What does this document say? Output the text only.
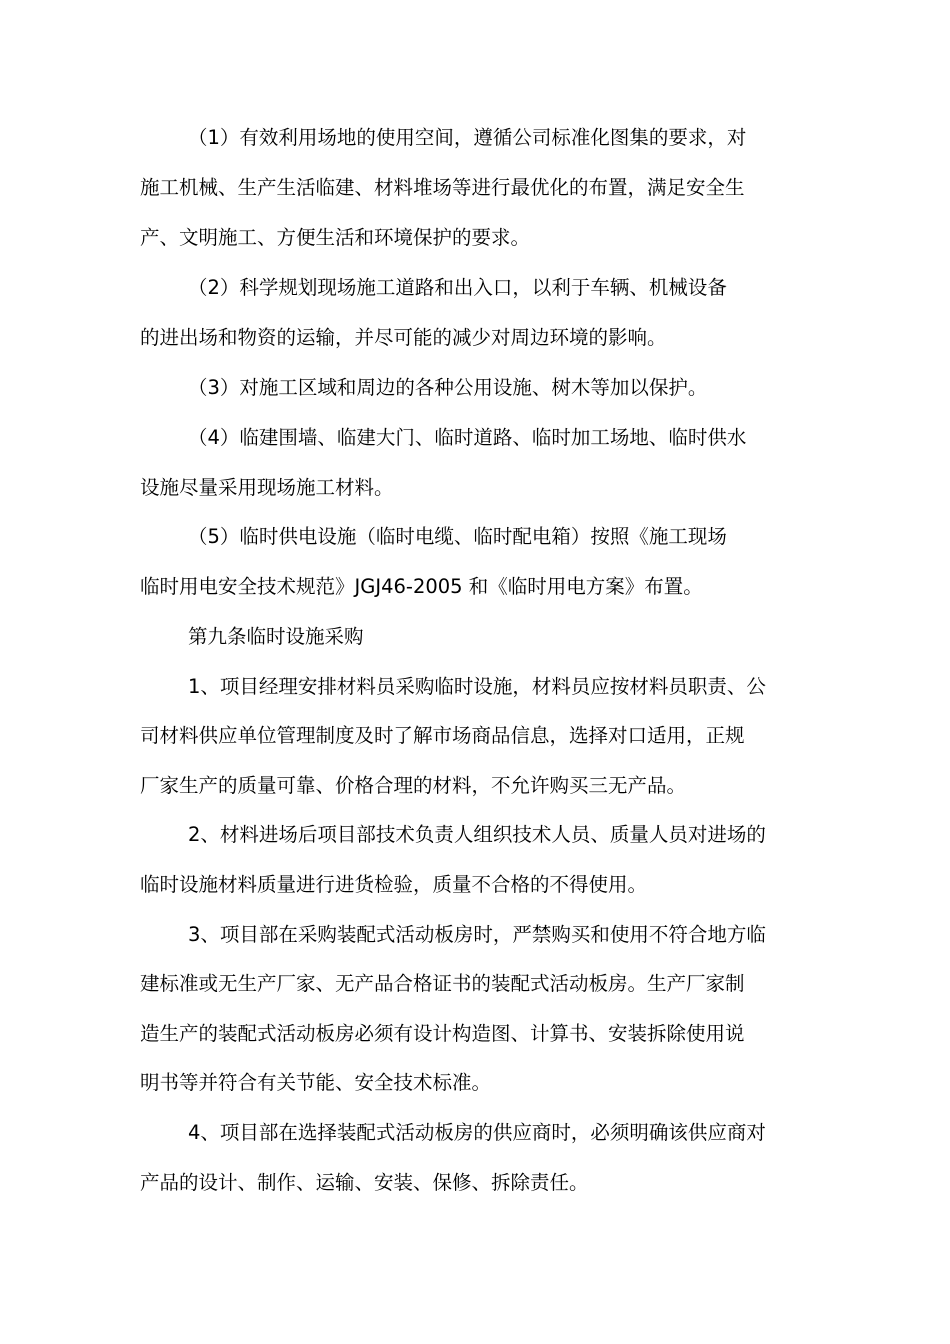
（1）有效利用场地的使用空间，遵循公司标准化图集的要求，对
施工机械、生产生活临建、材料堆场等进行最优化的布置，满足安全生
产、文明施工、方便生活和环境保护的要求。
（2）科学规划现场施工道路和出入口，以利于车辆、机械设备
的进出场和物资的运输，并尽可能的减少对周边环境的影响。
（3）对施工区域和周边的各种公用设施、树木等加以保护。
（4）临建围墙、临建大门、临时道路、临时加工场地、临时供水
设施尽量采用现场施工材料。
（5）临时供电设施（临时电缆、临时配电箱）按照《施工现场
临时用电安全技术规范》JGJ46-2005 和《临时用电方案》布置。
第九条临时设施采购
1、项目经理安排材料员采购临时设施，材料员应按材料员职责、公
司材料供应单位管理制度及时了解市场商品信息，选择对口适用，正规
厂家生产的质量可靠、价格合理的材料，不允许购买三无产品。
2、材料进场后项目部技术负责人组织技术人员、质量人员对进场的
临时设施材料质量进行进货检验，质量不合格的不得使用。
3、项目部在采购装配式活动板房时，严禁购买和使用不符合地方临
建标准或无生产厂家、无产品合格证书的装配式活动板房。生产厂家制
造生产的装配式活动板房必须有设计构造图、计算书、安装拆除使用说
明书等并符合有关节能、安全技术标准。
4、项目部在选择装配式活动板房的供应商时，必须明确该供应商对
产品的设计、制作、运输、安装、保修、拆除责任。
